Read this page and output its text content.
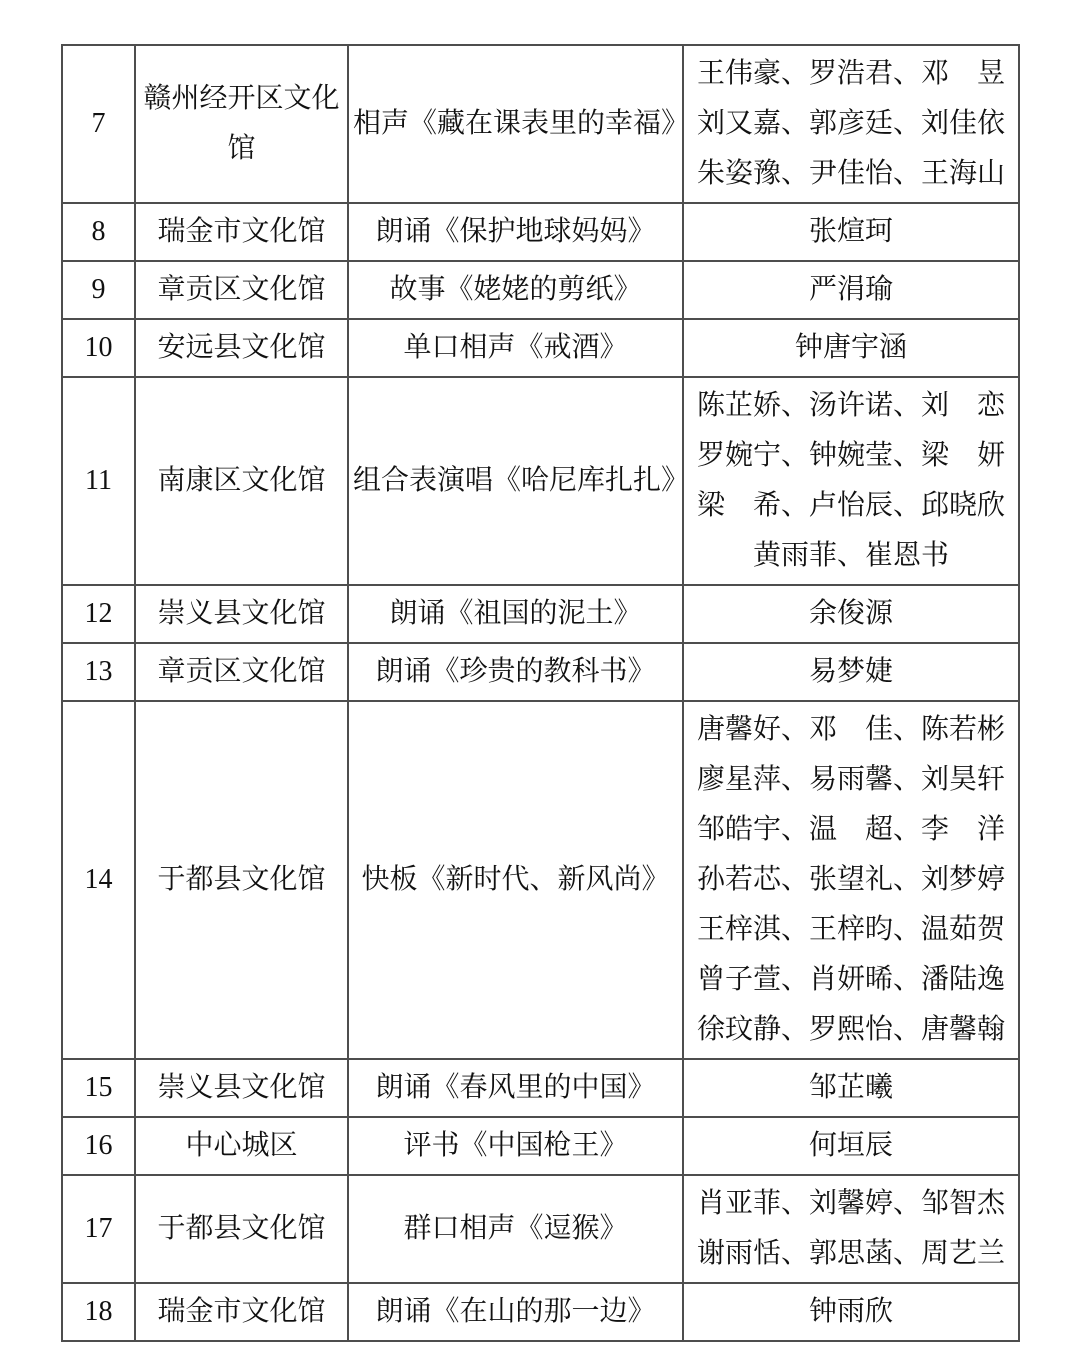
7	赣州经开区文化馆	相声《藏在课表里的幸福》	王伟豪、罗浩君、邓　昱
刘又嘉、郭彦廷、刘佳依
朱姿豫、尹佳怡、王海山

8	瑞金市文化馆	朗诵《保护地球妈妈》	张煊珂

9	章贡区文化馆	故事《姥姥的剪纸》	严涓瑜

10	安远县文化馆	单口相声《戒酒》	钟唐宇涵

11	南康区文化馆	组合表演唱《哈尼库扎扎》	陈芷娇、汤许诺、刘　恋
罗婉宁、钟婉莹、梁　妍
梁　希、卢怡辰、邱晓欣
黄雨菲、崔恩书

12	崇义县文化馆	朗诵《祖国的泥土》	余俊源

13	章贡区文化馆	朗诵《珍贵的教科书》	易梦婕

14	于都县文化馆	快板《新时代、新风尚》	
唐馨好、邓　佳、陈若彬
廖星萍、易雨馨、刘昊轩
邹皓宇、温　超、李　洋
孙若芯、张望礼、刘梦婷
王梓淇、王梓昀、温茹贺
曾子萱、肖妍晞、潘陆逸
徐玟静、罗熙怡、唐馨翰

15	崇义县文化馆	朗诵《春风里的中国》	邹芷曦

16	中心城区	评书《中国枪王》	何垣辰

17	于都县文化馆	群口相声《逗猴》	肖亚菲、刘馨婷、邹智杰
谢雨恬、郭思菡、周艺兰

18	瑞金市文化馆	朗诵《在山的那一边》	钟雨欣
